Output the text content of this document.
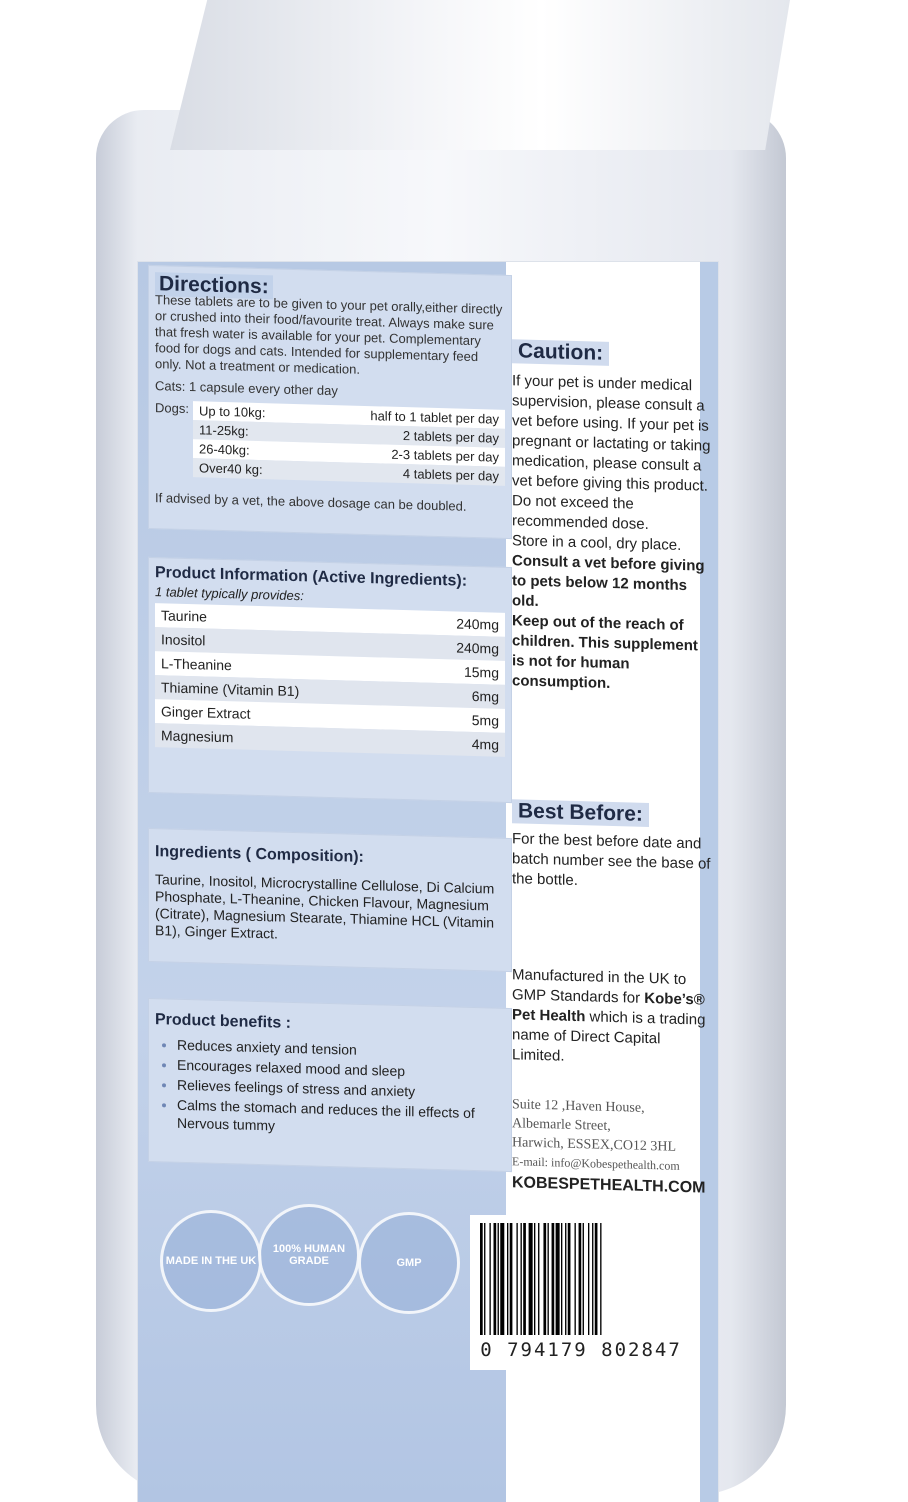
Directions:
These tablets are to be given to your pet orally,either directly or crushed into their food/favourite treat. Always make sure that fresh water is available for your pet. Complementary food for dogs and cats. Intended for supplementary feed only. Not a treatment or medication.
Cats: 1 capsule every other day
Dogs: Up to 10kg:	half to 1 tablet per day
11-25kg:	2 tablets per day
26-40kg:	2-3 tablets per day
Over40 kg:	4 tablets per day
If advised by a vet, the above dosage can be doubled.
Product Information (Active Ingredients):
1 tablet typically provides:
Taurine	240mg
Inositol	240mg
L-Theanine	15mg
Thiamine (Vitamin B1)	6mg
Ginger Extract	5mg
Magnesium	4mg
Ingredients ( Composition):
Taurine, Inositol, Microcrystalline Cellulose, Di Calcium Phosphate, L-Theanine, Chicken Flavour, Magnesium (Citrate), Magnesium Stearate, Thiamine HCL (Vitamin B1), Ginger Extract.
Product benefits :
• Reduces anxiety and tension
• Encourages relaxed mood and sleep
• Relieves feelings of stress and anxiety
• Calms the stomach and reduces the ill effects of Nervous tummy
MADE IN THE UK
100% HUMAN GRADE	GMP
Caution:
If your pet is under medical supervision, please consult a vet before using. If your pet is pregnant or lactating or taking medication, please consult a vet before giving this product.
Do not exceed the recommended dose.
Store in a cool, dry place.
Consult a vet before giving to pets below 12 months old.
Keep out of the reach of children. This supplement is not for human consumption.
Best Before:
For the best before date and batch number see the base of the bottle.
Manufactured in the UK to GMP Standards for Kobe’s® Pet Health which is a trading name of Direct Capital Limited.
Suite 12 ,Haven House,
Albemarle Street,
Harwich, ESSEX,CO12 3HL
E-mail: info@Kobespethealth.com
KOBESPETHEALTH.COM
0 794179 802847
